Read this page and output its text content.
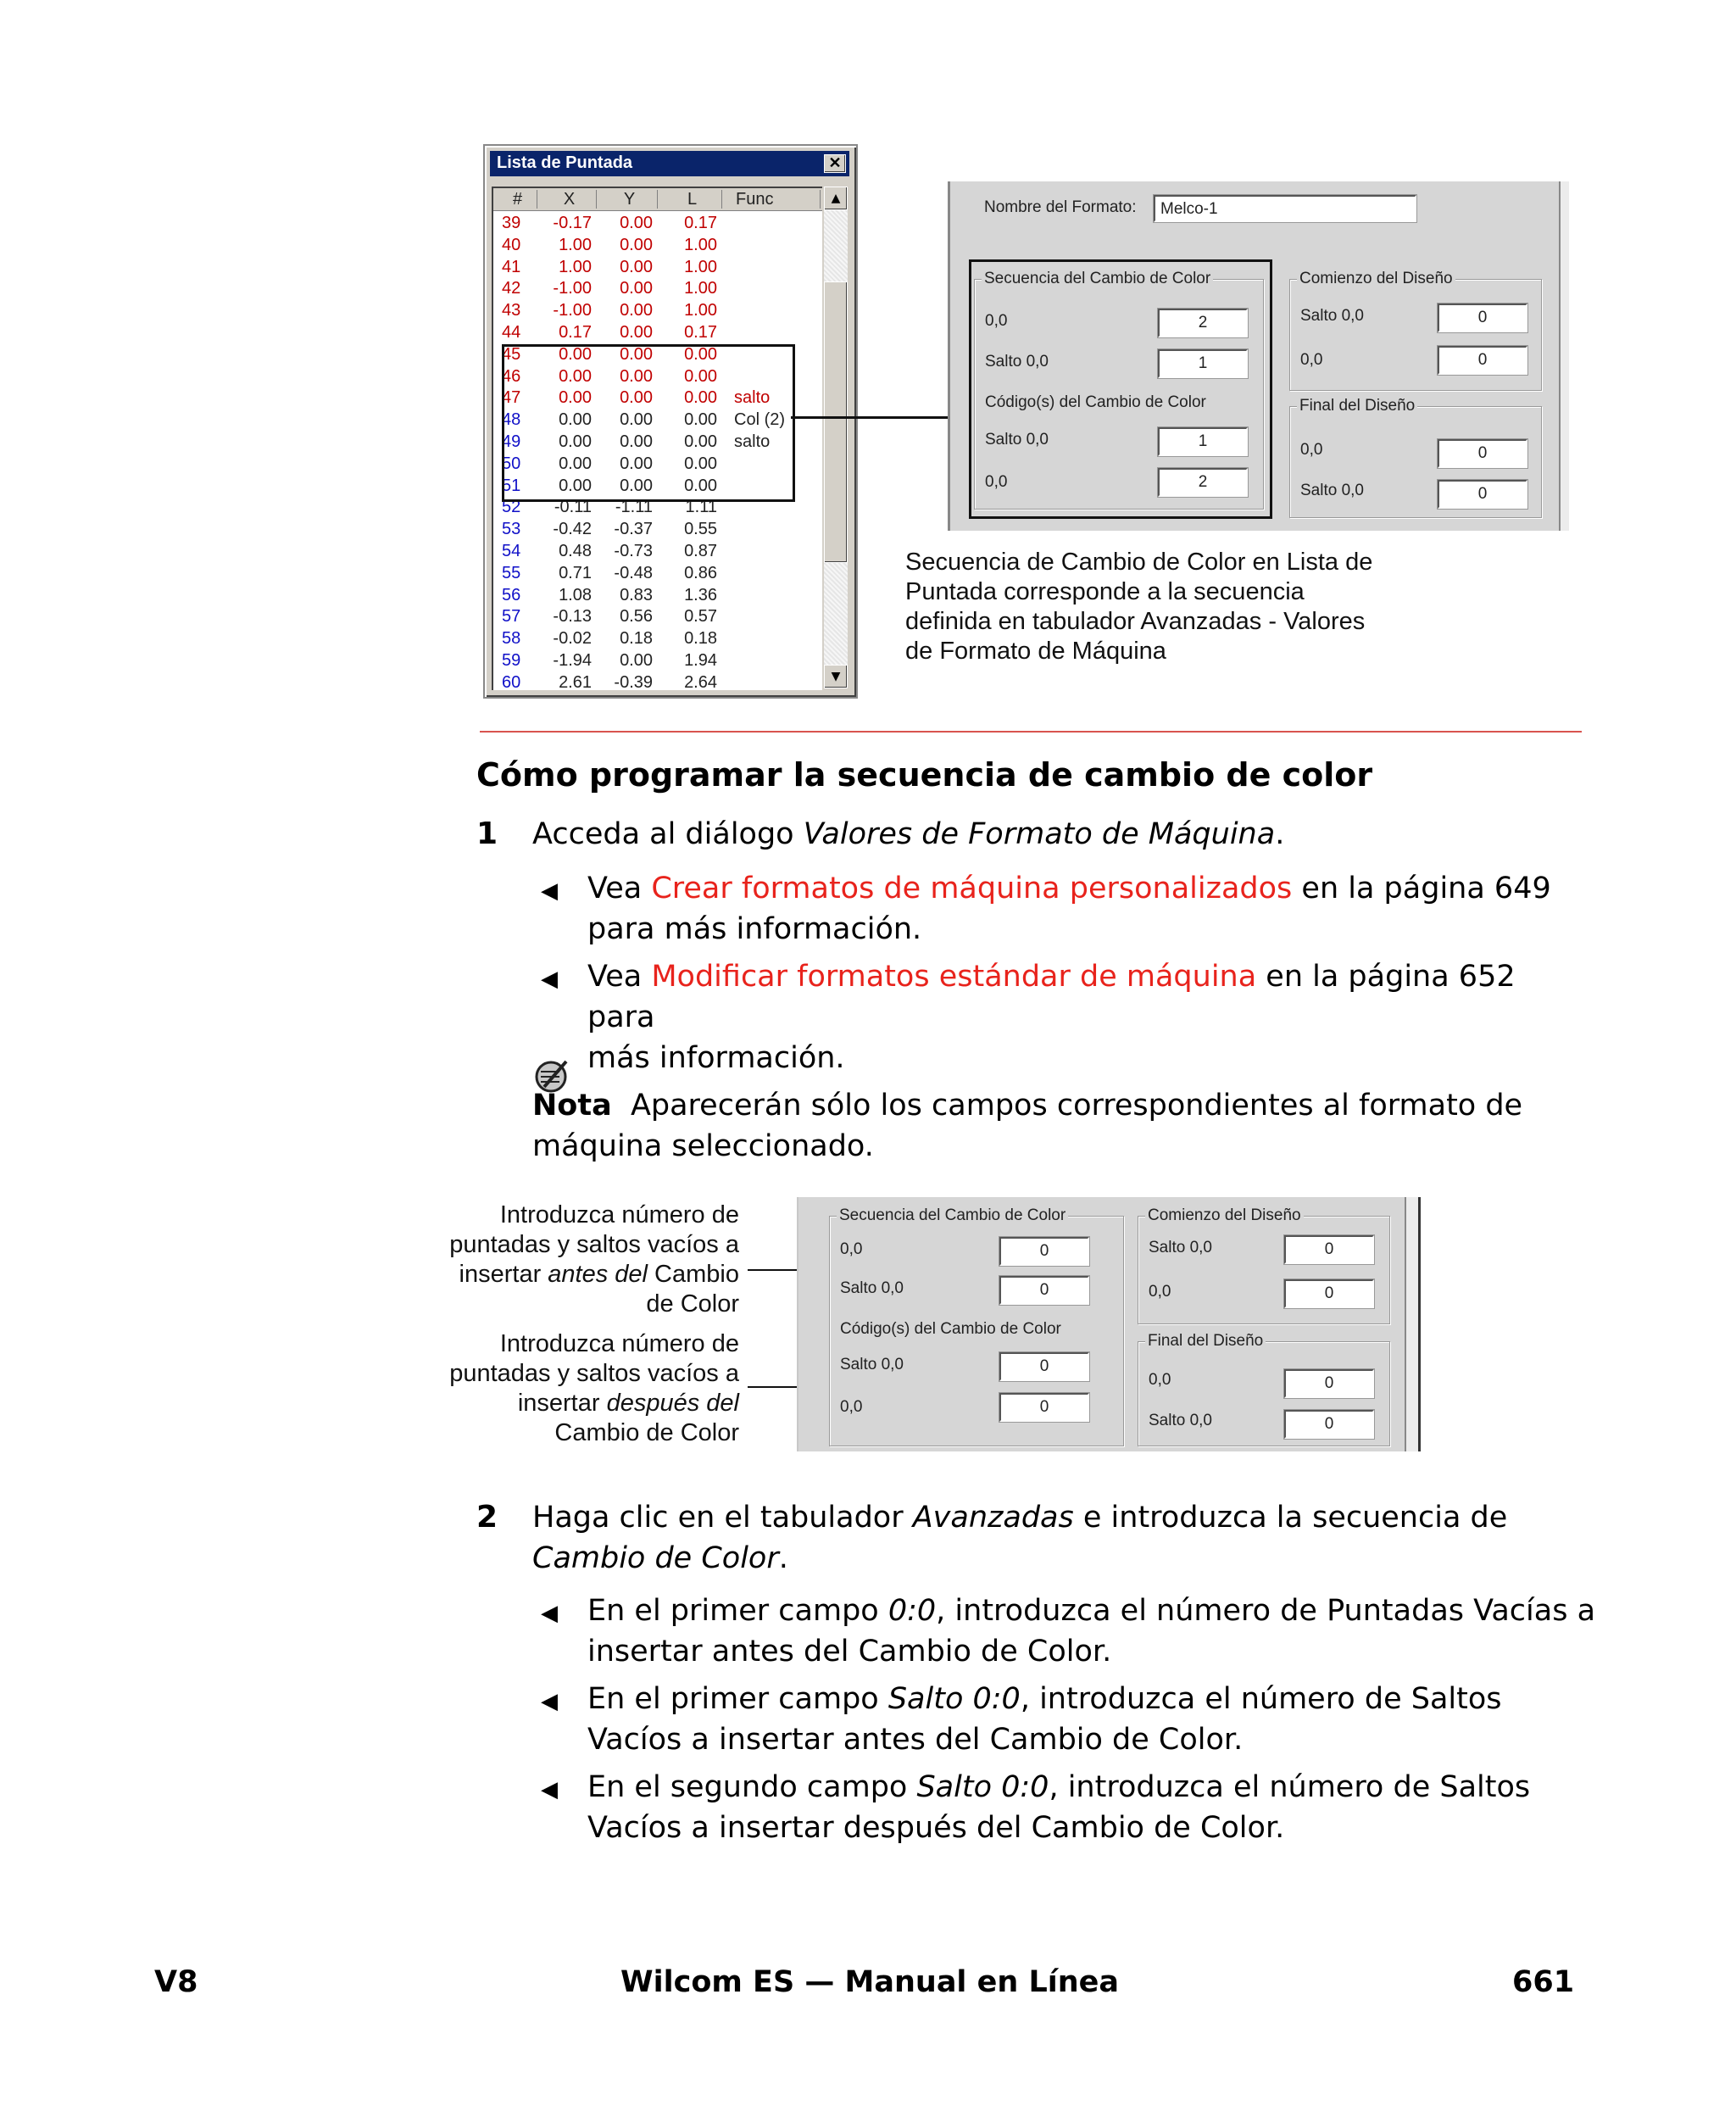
Lista de Puntada	✕
#	X	Y	L	Func
39 -0.17 0.00 0.17
40 1.00 0.00 1.00
41 1.00 0.00 1.00
42 -1.00 0.00 1.00
43 -1.00 0.00 1.00
44 0.17 0.00 0.17
45 0.00 0.00 0.00
46 0.00 0.00 0.00
47 0.00 0.00 0.00 salto
48 0.00 0.00 0.00 Col (2)
49 0.00 0.00 0.00 salto
50 0.00 0.00 0.00
51 0.00 0.00 0.00
52 -0.11 -1.11 1.11
53 -0.42 -0.37 0.55
54 0.48 -0.73 0.87
55 0.71 -0.48 0.86
56 1.08 0.83 1.36
57 -0.13 0.56 0.57
58 -0.02 0.18 0.18
59 -1.94 0.00 1.94
60 2.61 -0.39 2.64
▲
▼
Nombre del Formato:	Melco-1
Secuencia del Cambio de Color
0,0	2
Salto 0,0	1
Código(s) del Cambio de Color
Salto 0,0	1
0,0	2
Comienzo del Diseño
Salto 0,0	0
0,0	0
Final del Diseño
0,0	0
Salto 0,0	0
Secuencia de Cambio de Color en Lista de
Puntada corresponde a la secuencia
definida en tabulador Avanzadas - Valores
de Formato de Máquina
Cómo programar la secuencia de cambio de color
1 Acceda al diálogo Valores de Formato de Máquina.
◀ Vea Crear formatos de máquina personalizados en la página 649
para más información.
◀ Vea Modificar formatos estándar de máquina en la página 652 para
más información.
Nota Aparecerán sólo los campos correspondientes al formato de
máquina seleccionado.
Introduzca número de
puntadas y saltos vacíos a
insertar antes del Cambio
de Color
Introduzca número de
puntadas y saltos vacíos a
insertar después del
Cambio de Color
Secuencia del Cambio de Color
0,0	0
Salto 0,0	0
Código(s) del Cambio de Color
Salto 0,0	0
0,0	0
Comienzo del Diseño
Salto 0,0	0
0,0	0
Final del Diseño
0,0	0
Salto 0,0	0
2 Haga clic en el tabulador Avanzadas e introduzca la secuencia de
Cambio de Color.
◀ En el primer campo 0:0, introduzca el número de Puntadas Vacías a
insertar antes del Cambio de Color.
◀ En el primer campo Salto 0:0, introduzca el número de Saltos
Vacíos a insertar antes del Cambio de Color.
◀ En el segundo campo Salto 0:0, introduzca el número de Saltos
Vacíos a insertar después del Cambio de Color.
V8	Wilcom ES — Manual en Línea	661
